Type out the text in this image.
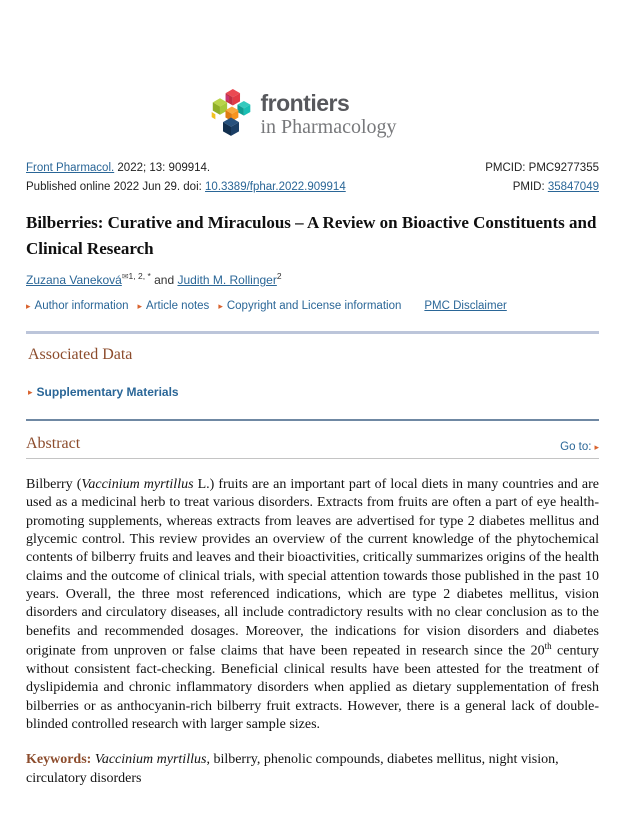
frontiers
in Pharmacology
Front Pharmacol. 2022; 13: 909914.	PMCID: PMC9277355
Published online 2022 Jun 29. doi: 10.3389/fphar.2022.909914	PMID: 35847049
Bilberries: Curative and Miraculous – A Review on Bioactive Constituents and Clinical Research
Zuzana Vaneková$^{✉1, 2, *}$ and Judith M. Rollinger$^2$
▸ Author information ▸ Article notes ▸ Copyright and License information PMC Disclaimer
Associated Data
▸ Supplementary Materials
Abstract	Go to: ▸

Bilberry (Vaccinium myrtillus L.) fruits are an important part of local diets in many countries and are used as a medicinal herb to treat various disorders. Extracts from fruits are often a part of eye health-promoting supplements, whereas extracts from leaves are advertised for type 2 diabetes mellitus and glycemic control. This review provides an overview of the current knowledge of the phytochemical contents of bilberry fruits and leaves and their bioactivities, critically summarizes origins of the health claims and the outcome of clinical trials, with special attention towards those published in the past 10 years. Overall, the three most referenced indications, which are type 2 diabetes mellitus, vision disorders and circulatory diseases, all include contradictory results with no clear conclusion as to the benefits and recommended dosages. Moreover, the indications for vision disorders and diabetes originate from unproven or false claims that have been repeated in research since the 20th century without consistent fact-checking. Beneficial clinical results have been attested for the treatment of dyslipidemia and chronic inflammatory disorders when applied as dietary supplementation of fresh bilberries or as anthocyanin-rich bilberry fruit extracts. However, there is a general lack of double-blinded controlled research with larger sample sizes.

Keywords: Vaccinium myrtillus, bilberry, phenolic compounds, diabetes mellitus, night vision, circulatory disorders
